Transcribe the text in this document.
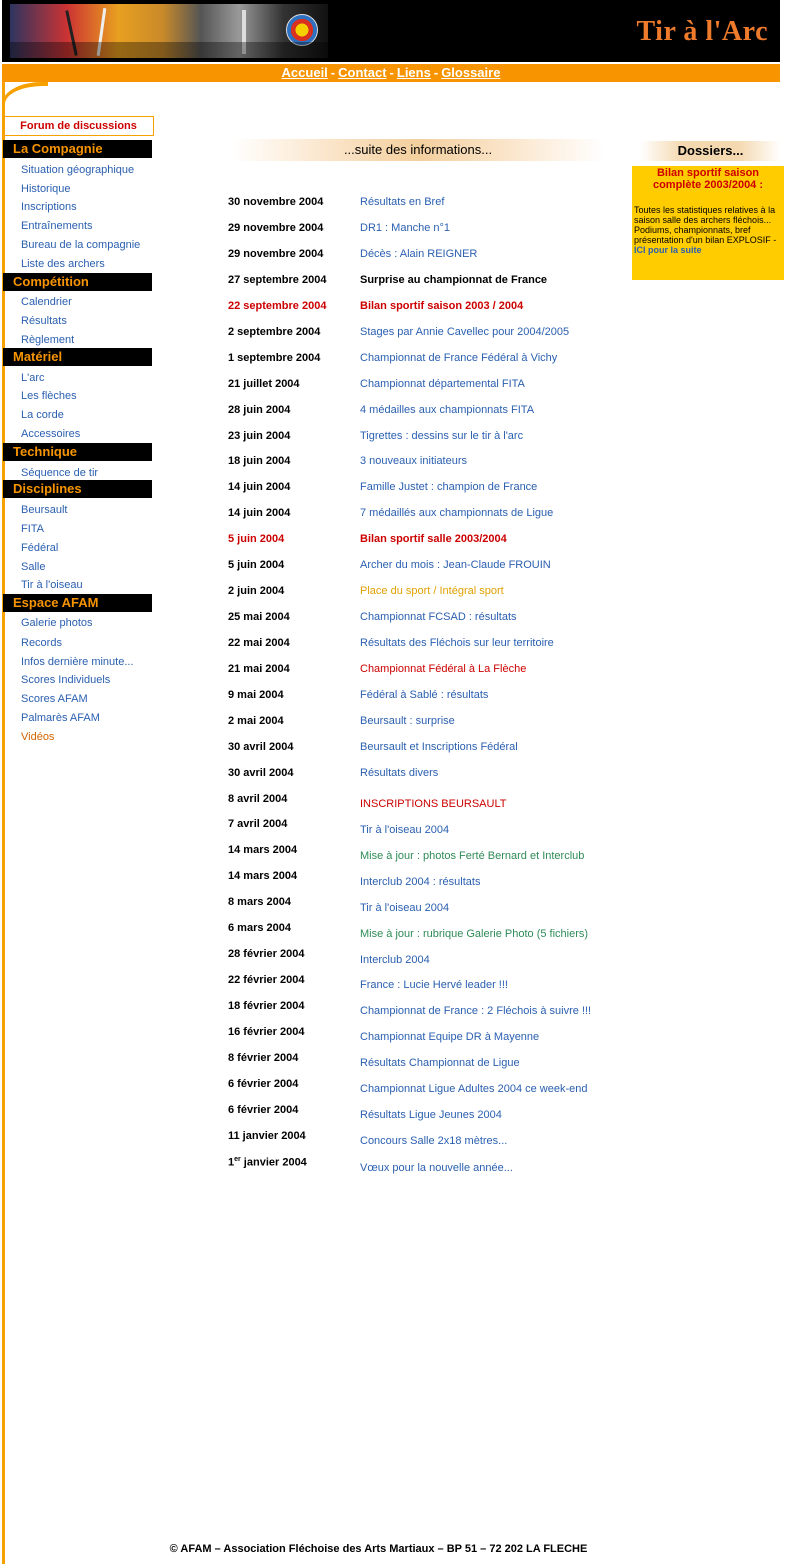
Tir à l'Arc
Accueil - Contact - Liens - Glossaire
Forum de discussions
La Compagnie
Situation géographique
Historique
Inscriptions
Entraînements
Bureau de la compagnie
Liste des archers
Compétition
Calendrier
Résultats
Règlement
Matériel
L'arc
Les flèches
La corde
Accessoires
Technique
Séquence de tir
Disciplines
Beursault
FITA
Fédéral
Salle
Tir à l'oiseau
Espace AFAM
Galerie photos
Records
Infos dernière minute...
Scores Individuels
Scores AFAM
Palmarès AFAM
Vidéos
...suite des informations...
30 novembre 2004	Résultats en Bref
29 novembre 2004	DR1 : Manche n°1
29 novembre 2004	Décès : Alain REIGNER
27 septembre 2004	Surprise au championnat de France
22 septembre 2004	Bilan sportif saison 2003 / 2004
2 septembre 2004	Stages par Annie Cavellec pour 2004/2005
1 septembre 2004	Championnat de France Fédéral à Vichy
21 juillet 2004	Championnat départemental FITA
28 juin 2004	4 médailles aux championnats FITA
23 juin 2004	Tigrettes : dessins sur le tir à l'arc
18 juin 2004	3 nouveaux initiateurs
14 juin 2004	Famille Justet : champion de France
14 juin 2004	7 médaillés aux championnats de Ligue
5 juin 2004	Bilan sportif salle 2003/2004
5 juin 2004	Archer du mois : Jean-Claude FROUIN
2 juin 2004	Place du sport / Intégral sport
25 mai 2004	Championnat FCSAD : résultats
22 mai 2004	Résultats des Fléchois sur leur territoire
21 mai 2004	Championnat Fédéral à La Flèche
9 mai 2004	Fédéral à Sablé : résultats
2 mai 2004	Beursault : surprise
30 avril 2004	Beursault et Inscriptions Fédéral
30 avril 2004	Résultats divers
8 avril 2004	INSCRIPTIONS BEURSAULT
7 avril 2004	Tir à l'oiseau 2004
14 mars 2004	Mise à jour : photos Ferté Bernard et Interclub
14 mars 2004	Interclub 2004 : résultats
8 mars 2004	Tir à l'oiseau 2004
6 mars 2004	Mise à jour : rubrique Galerie Photo (5 fichiers)
28 février 2004	Interclub 2004
22 février 2004	France : Lucie Hervé leader !!!
18 février 2004	Championnat de France : 2 Fléchois à suivre !!!
16 février 2004	Championnat Equipe DR à Mayenne
8 février 2004	Résultats Championnat de Ligue
6 février 2004	Championnat Ligue Adultes 2004 ce week-end
6 février 2004	Résultats Ligue Jeunes 2004
11 janvier 2004	Concours Salle 2x18 mètres...
1er janvier 2004	Vœux pour la nouvelle année...
Dossiers...
Bilan sportif saison complète 2003/2004 :
Toutes les statistiques relatives à la saison salle des archers fléchois... Podiums, championnats, bref présentation d'un bilan EXPLOSIF - ICI pour la suite
© AFAM – Association Fléchoise des Arts Martiaux – BP 51 – 72 202 LA FLECHE
